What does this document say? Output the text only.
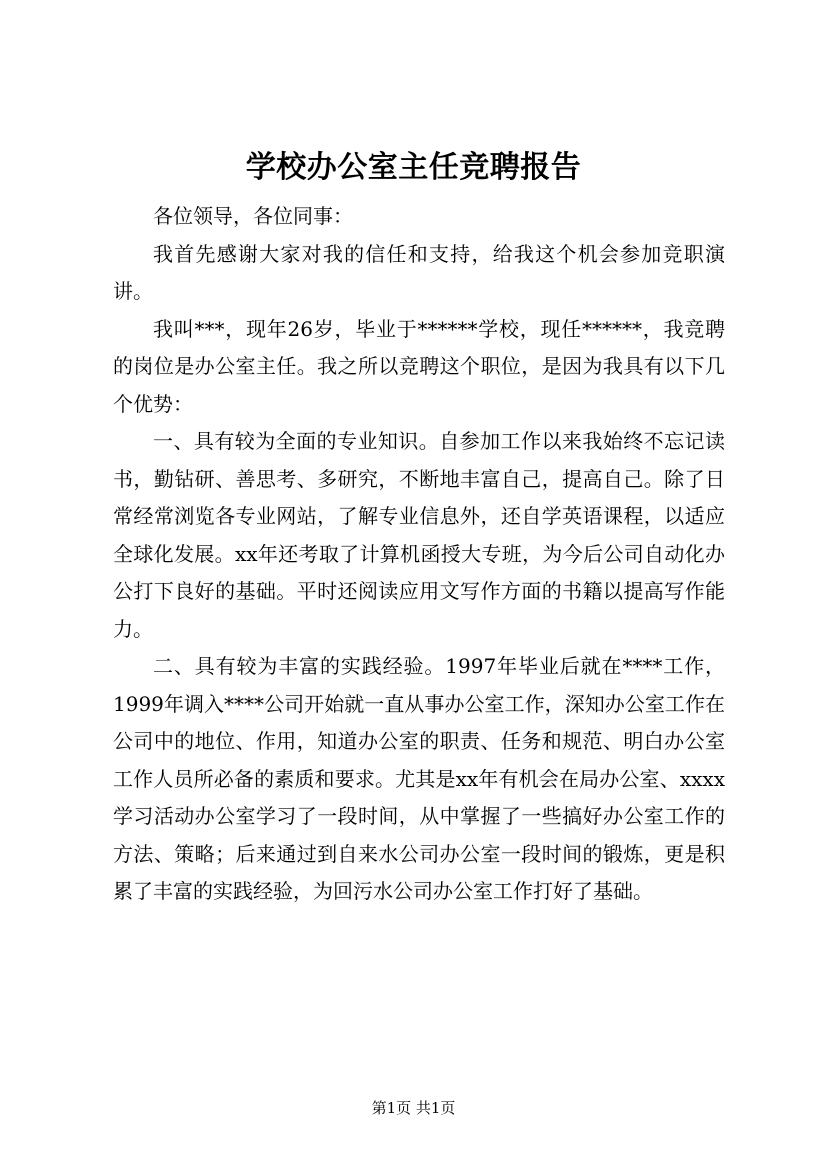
学校办公室主任竞聘报告

各位领导，各位同事：

我首先感谢大家对我的信任和支持，给我这个机会参加竞职演讲。

我叫***，现年26岁，毕业于******学校，现任******，我竞聘的岗位是办公室主任。我之所以竞聘这个职位，是因为我具有以下几个优势：

一、具有较为全面的专业知识。自参加工作以来我始终不忘记读书，勤钻研、善思考、多研究，不断地丰富自己，提高自己。除了日常经常浏览各专业网站，了解专业信息外，还自学英语课程，以适应全球化发展。xx年还考取了计算机函授大专班，为今后公司自动化办公打下良好的基础。平时还阅读应用文写作方面的书籍以提高写作能力。

二、具有较为丰富的实践经验。1997年毕业后就在****工作，1999年调入****公司开始就一直从事办公室工作，深知办公室工作在公司中的地位、作用，知道办公室的职责、任务和规范、明白办公室工作人员所必备的素质和要求。尤其是xx年有机会在局办公室、xxxx学习活动办公室学习了一段时间，从中掌握了一些搞好办公室工作的方法、策略；后来通过到自来水公司办公室一段时间的锻炼，更是积累了丰富的实践经验，为回污水公司办公室工作打好了基础。

第1页 共1页
